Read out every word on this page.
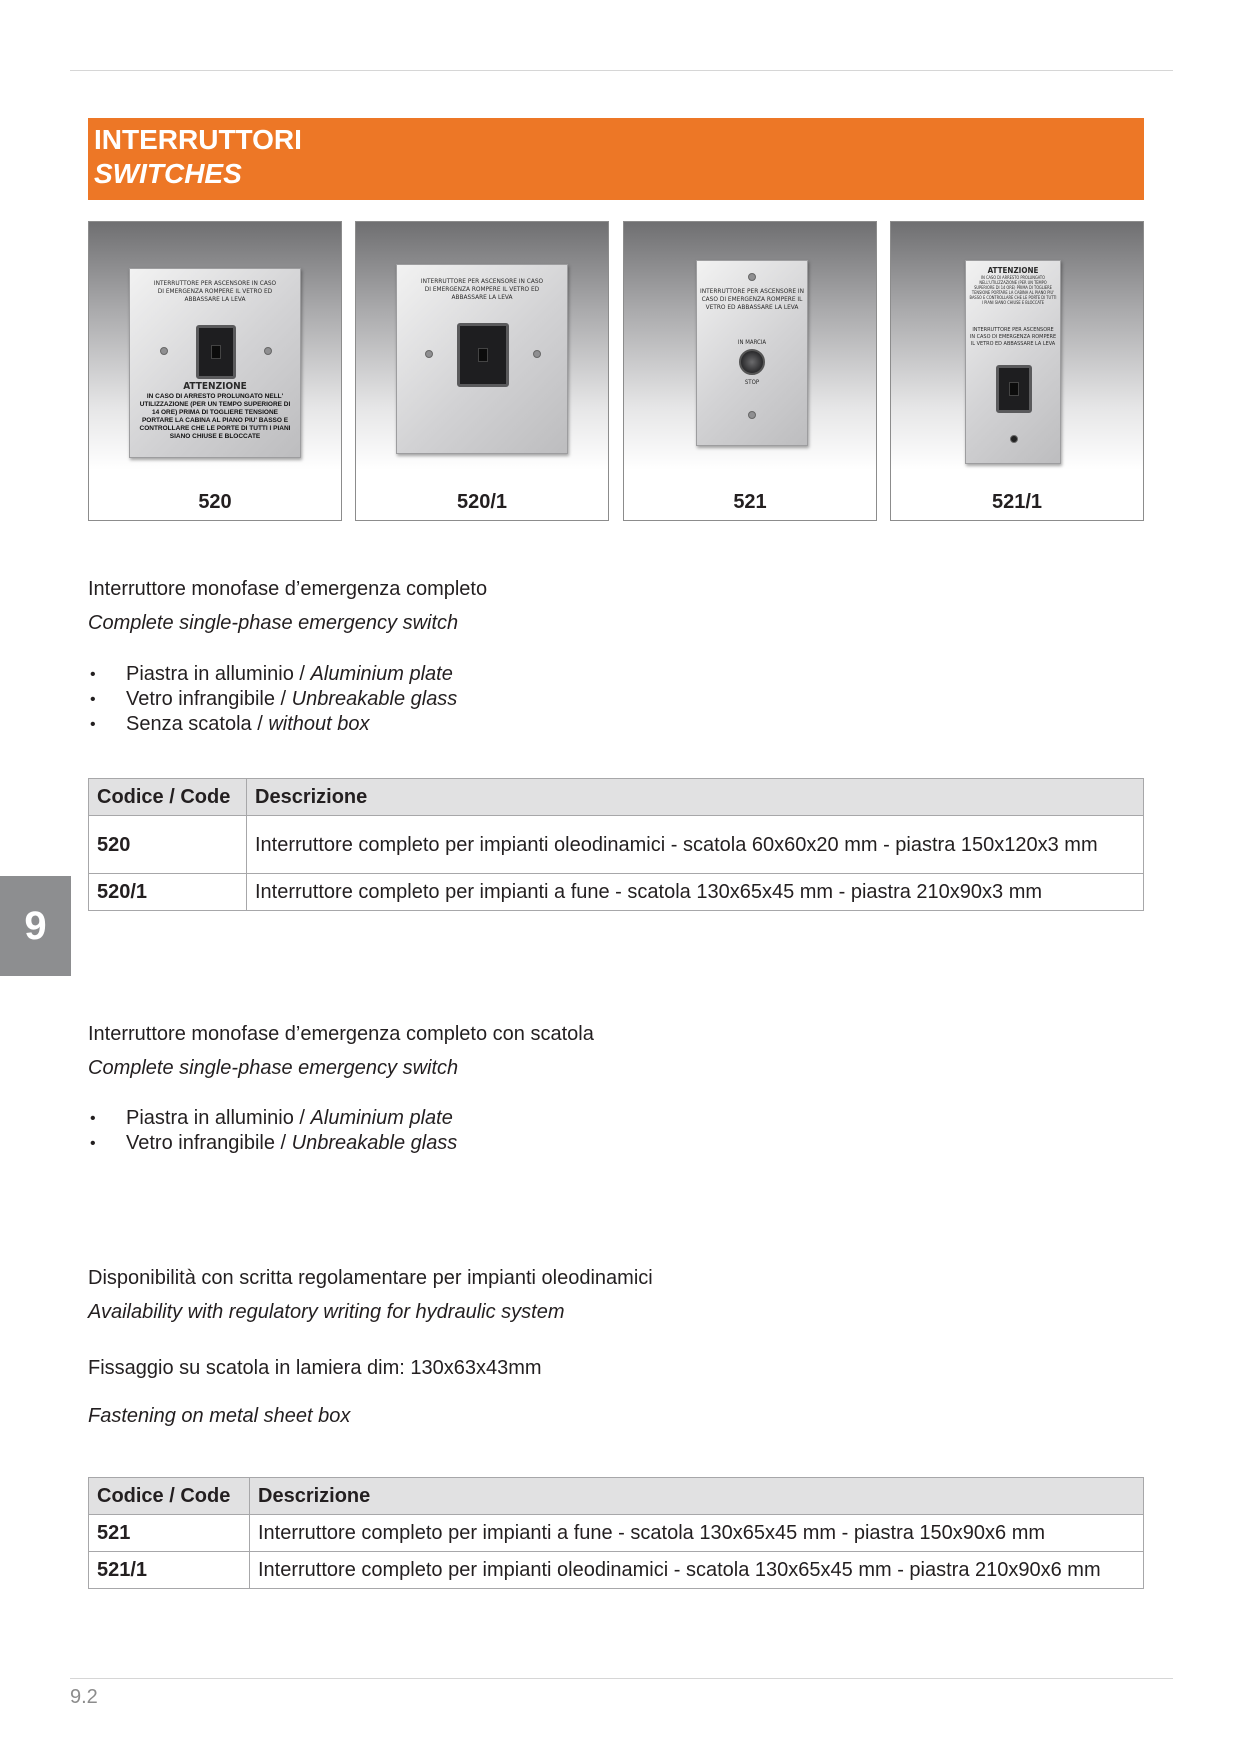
INTERRUTTORI
SWITCHES
INTERRUTTORE PER ASCENSORE IN CASO DI EMERGENZA ROMPERE IL VETRO ED ABBASSARE LA LEVA
ATTENZIONE
IN CASO DI ARRESTO PROLUNGATO NELL' UTILIZZAZIONE (PER UN TEMPO SUPERIORE DI 14 ORE) PRIMA DI TOGLIERE TENSIONE PORTARE LA CABINA AL PIANO PIU' BASSO E CONTROLLARE CHE LE PORTE DI TUTTI I PIANI SIANO CHIUSE E BLOCCATE
520
INTERRUTTORE PER ASCENSORE IN CASO DI EMERGENZA ROMPERE IL VETRO ED ABBASSARE LA LEVA
520/1
INTERRUTTORE PER ASCENSORE IN CASO DI EMERGENZA ROMPERE IL VETRO ED ABBASSARE LA LEVA
IN MARCIA
STOP
521
ATTENZIONE
IN CASO DI ARRESTO PROLUNGATO NELL'UTILIZZAZIONE (PER UN TEMPO SUPERIORE DI 14 ORE) PRIMA DI TOGLIERE TENSIONE PORTARE LA CABINA AL PIANO PIU' BASSO E CONTROLLARE CHE LE PORTE DI TUTTI I PIANI SIANO CHIUSE E BLOCCATE
INTERRUTTORE PER ASCENSORE IN CASO DI EMERGENZA ROMPERE IL VETRO ED ABBASSARE LA LEVA
521/1
Interruttore monofase d’emergenza completo
Complete single-phase emergency switch
• Piastra in alluminio / Aluminium plate
• Vetro infrangibile / Unbreakable glass
• Senza scatola / without box
Codice / Code	Descrizione
520	Interruttore completo per impianti oleodinamici - scatola 60x60x20 mm - piastra 150x120x3 mm
520/1	Interruttore completo per impianti a fune - scatola 130x65x45 mm - piastra 210x90x3 mm
9
Interruttore monofase d’emergenza completo con scatola
Complete single-phase emergency switch
• Piastra in alluminio / Aluminium plate
• Vetro infrangibile / Unbreakable glass
Disponibilità con scritta regolamentare per impianti oleodinamici
Availability with regulatory writing for hydraulic system
Fissaggio su scatola in lamiera dim: 130x63x43mm
Fastening on metal sheet box
Codice / Code	Descrizione
521	Interruttore completo per impianti a fune - scatola 130x65x45 mm - piastra 150x90x6 mm
521/1	Interruttore completo per impianti oleodinamici - scatola 130x65x45 mm - piastra 210x90x6 mm
9.2
